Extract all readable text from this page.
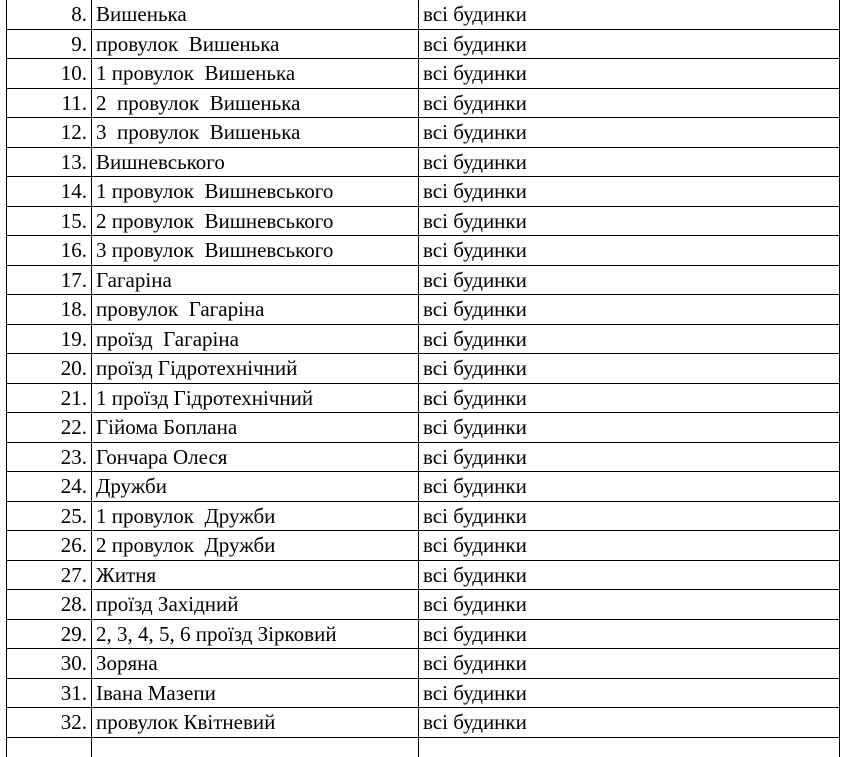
8.	Вишенька	всі будинки
9.	провулок  Вишенька	всі будинки
10.	1 провулок  Вишенька	всі будинки
11.	2  провулок  Вишенька	всі будинки
12.	3  провулок  Вишенька	всі будинки
13.	Вишневського	всі будинки
14.	1 провулок  Вишневського	всі будинки
15.	2 провулок  Вишневського	всі будинки
16.	3 провулок  Вишневського	всі будинки
17.	Гагаріна	всі будинки
18.	провулок  Гагаріна	всі будинки
19.	проїзд  Гагаріна	всі будинки
20.	проїзд Гідротехнічний	всі будинки
21.	1 проїзд Гідротехнічний	всі будинки
22.	Гійома Боплана	всі будинки
23.	Гончара Олеся	всі будинки
24.	Дружби	всі будинки
25.	1 провулок  Дружби	всі будинки
26.	2 провулок  Дружби	всі будинки
27.	Житня	всі будинки
28.	проїзд Західний	всі будинки
29.	2, 3, 4, 5, 6 проїзд Зірковий	всі будинки
30.	Зоряна	всі будинки
31.	Івана Мазепи	всі будинки
32.	провулок Квітневий	всі будинки
